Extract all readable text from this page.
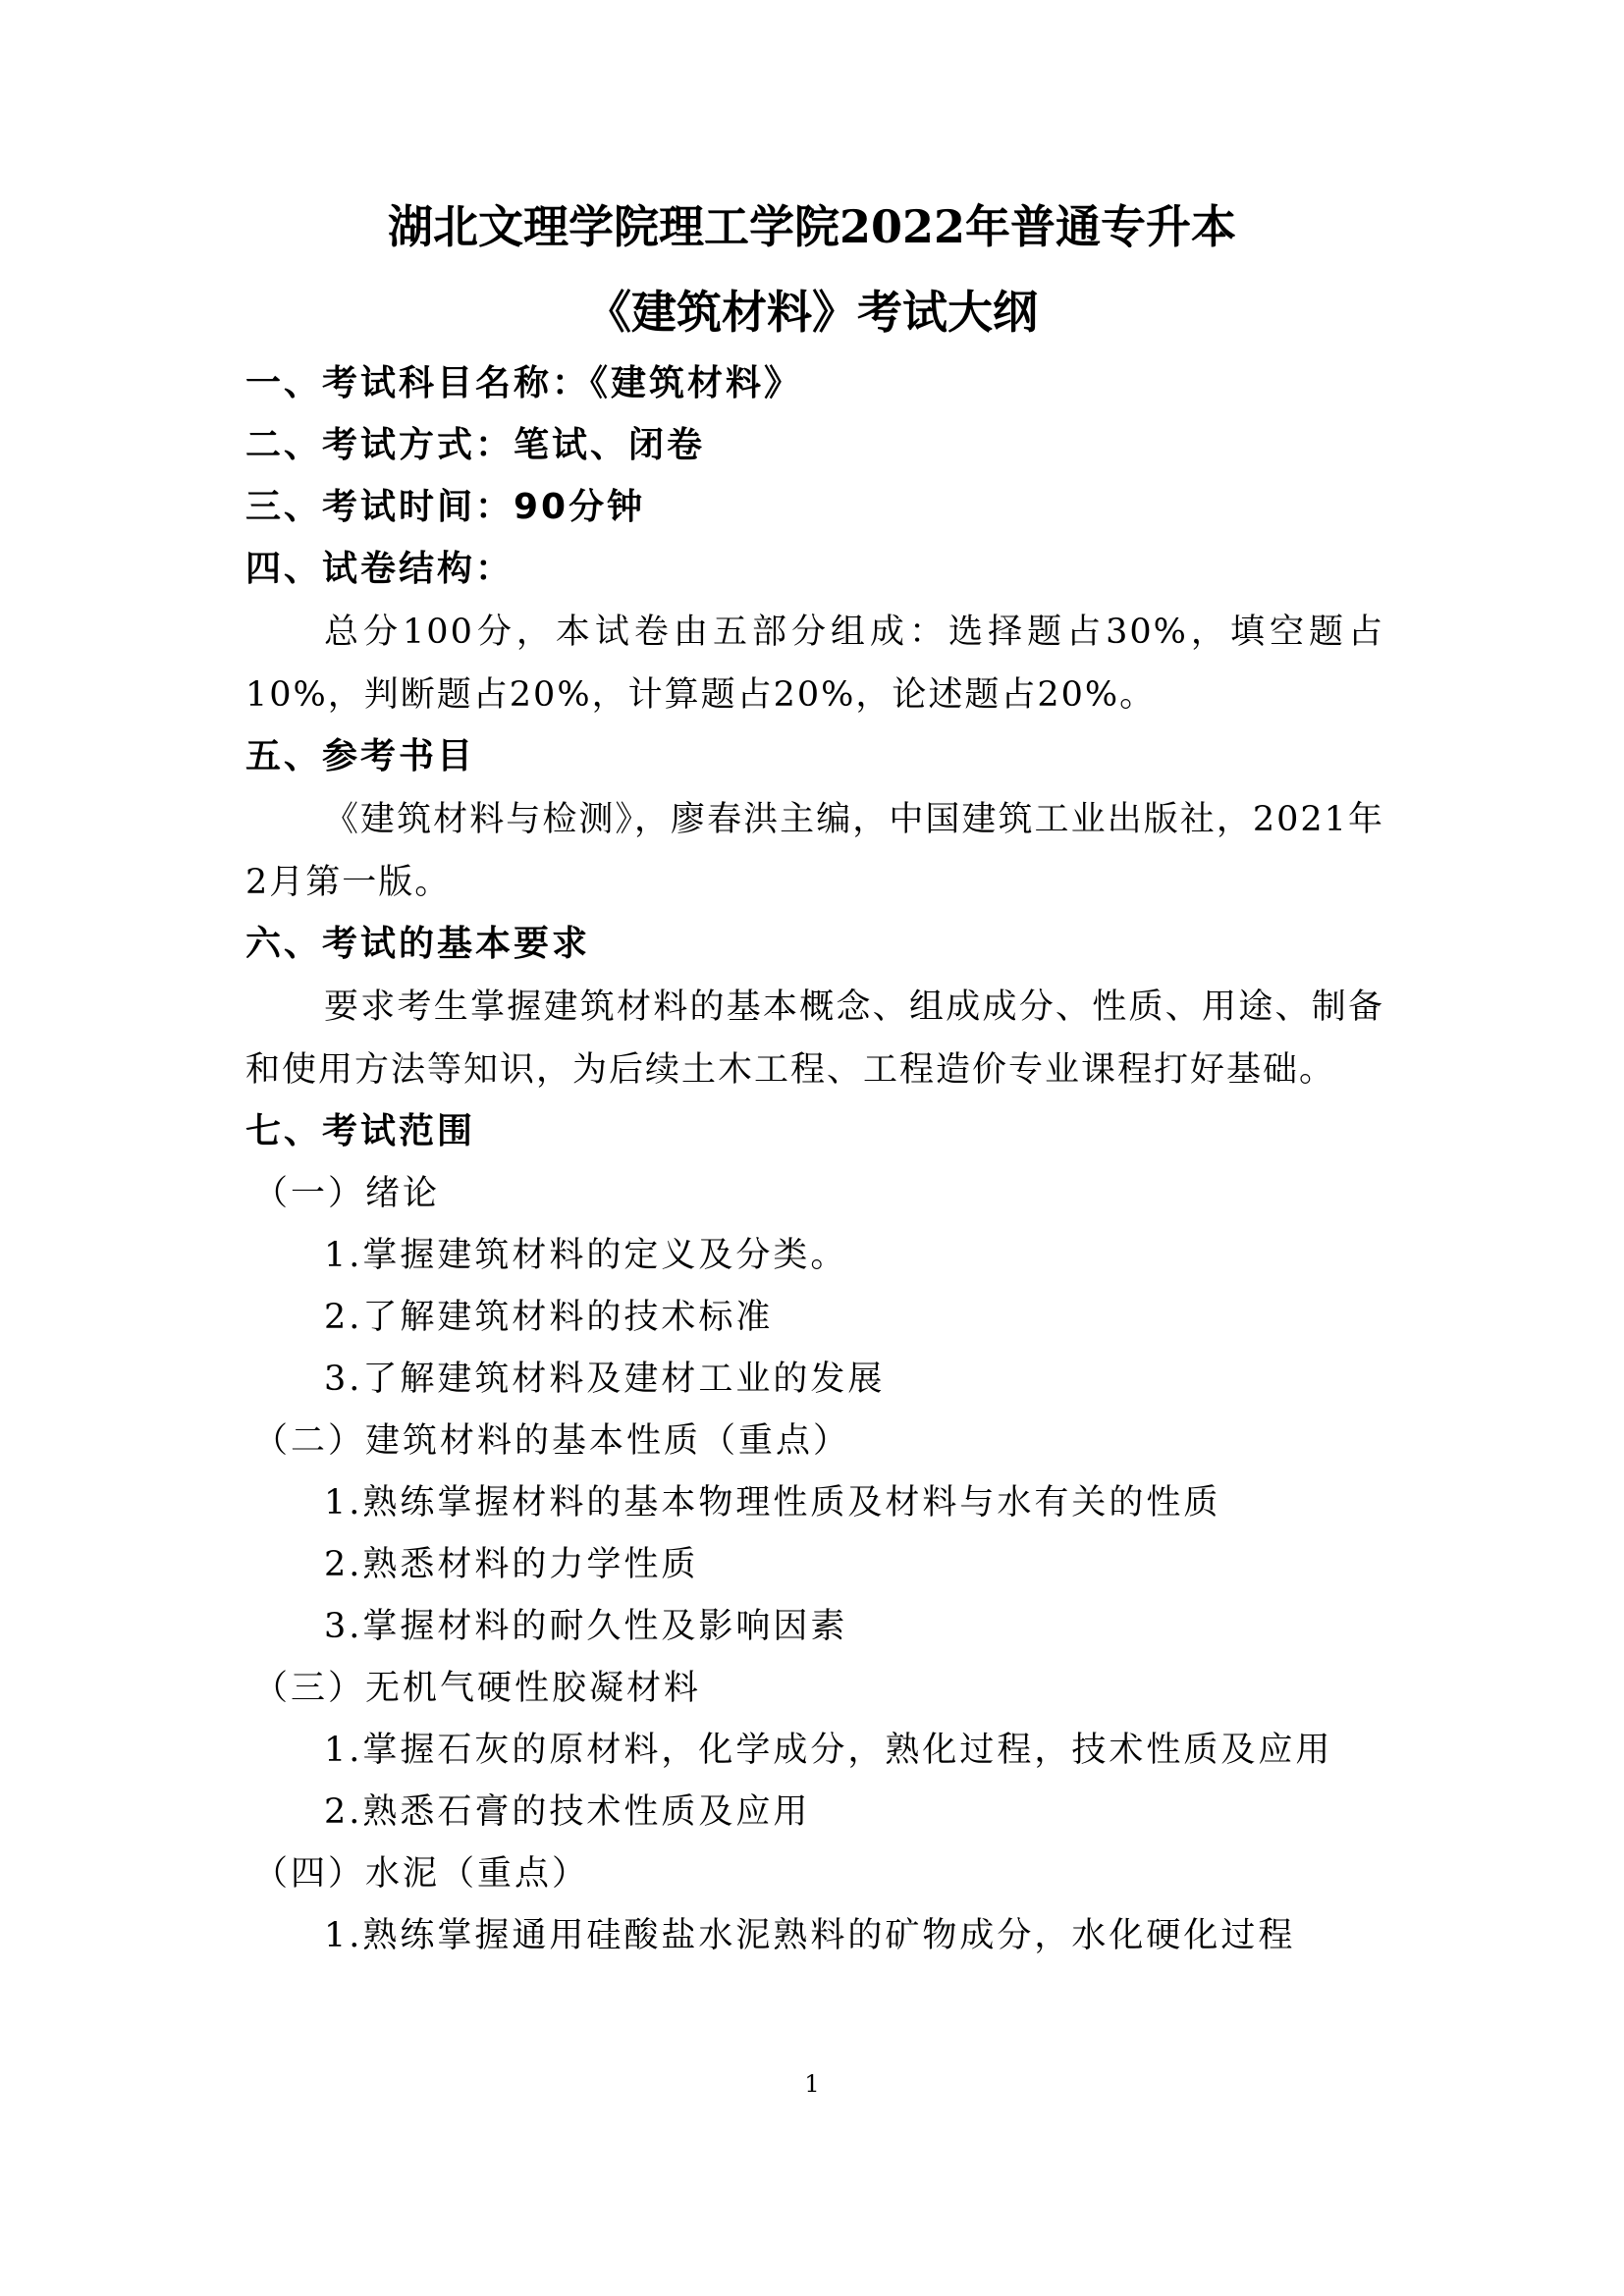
湖北文理学院理工学院2022年普通专升本
《建筑材料》考试大纲
一、考试科目名称：《建筑材料》
二、考试方式：笔试、闭卷
三、考试时间：90分钟
四、试卷结构：
总分100分，本试卷由五部分组成：选择题占30%，填空题占10%，判断题占20%，计算题占20%，论述题占20%。
五、参考书目
《建筑材料与检测》，廖春洪主编，中国建筑工业出版社，2021年2月第一版。
六、考试的基本要求
要求考生掌握建筑材料的基本概念、组成成分、性质、用途、制备和使用方法等知识，为后续土木工程、工程造价专业课程打好基础。
七、考试范围
（一）绪论
1.掌握建筑材料的定义及分类。
2.了解建筑材料的技术标准
3.了解建筑材料及建材工业的发展
（二）建筑材料的基本性质（重点）
1.熟练掌握材料的基本物理性质及材料与水有关的性质
2.熟悉材料的力学性质
3.掌握材料的耐久性及影响因素
（三）无机气硬性胶凝材料
1.掌握石灰的原材料，化学成分，熟化过程，技术性质及应用
2.熟悉石膏的技术性质及应用
（四）水泥（重点）
1.熟练掌握通用硅酸盐水泥熟料的矿物成分，水化硬化过程
1
